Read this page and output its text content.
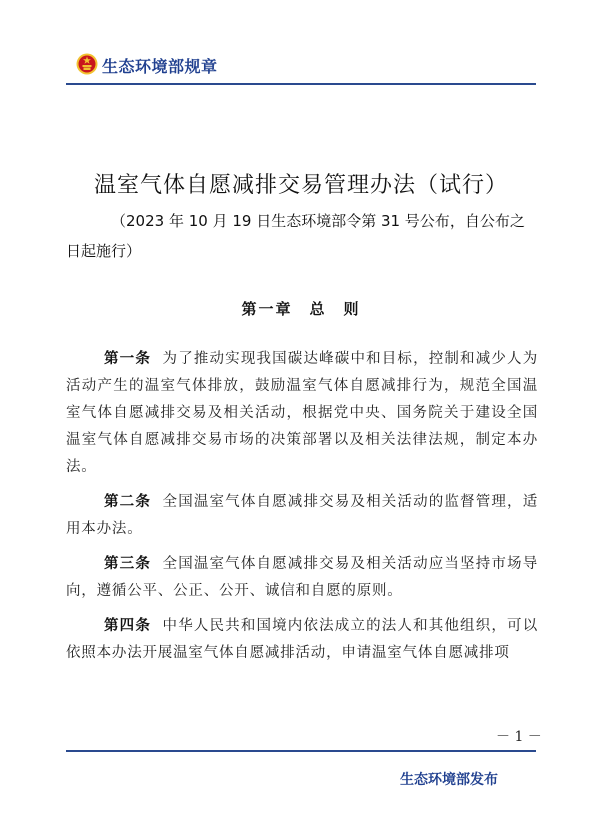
生态环境部规章
温室气体自愿减排交易管理办法（试行）
（2023 年 10 月 19 日生态环境部令第 31 号公布，自公布之日起施行）
第一章　总　则

第一条 为了推动实现我国碳达峰碳中和目标，控制和减少人为活动产生的温室气体排放，鼓励温室气体自愿减排行为，规范全国温室气体自愿减排交易及相关活动，根据党中央、国务院关于建设全国温室气体自愿减排交易市场的决策部署以及相关法律法规，制定本办法。

第二条 全国温室气体自愿减排交易及相关活动的监督管理，适用本办法。

第三条 全国温室气体自愿减排交易及相关活动应当坚持市场导向，遵循公平、公正、公开、诚信和自愿的原则。

第四条 中华人民共和国境内依法成立的法人和其他组织，可以依照本办法开展温室气体自愿减排活动，申请温室气体自愿减排项

－ 1 －
生态环境部发布
